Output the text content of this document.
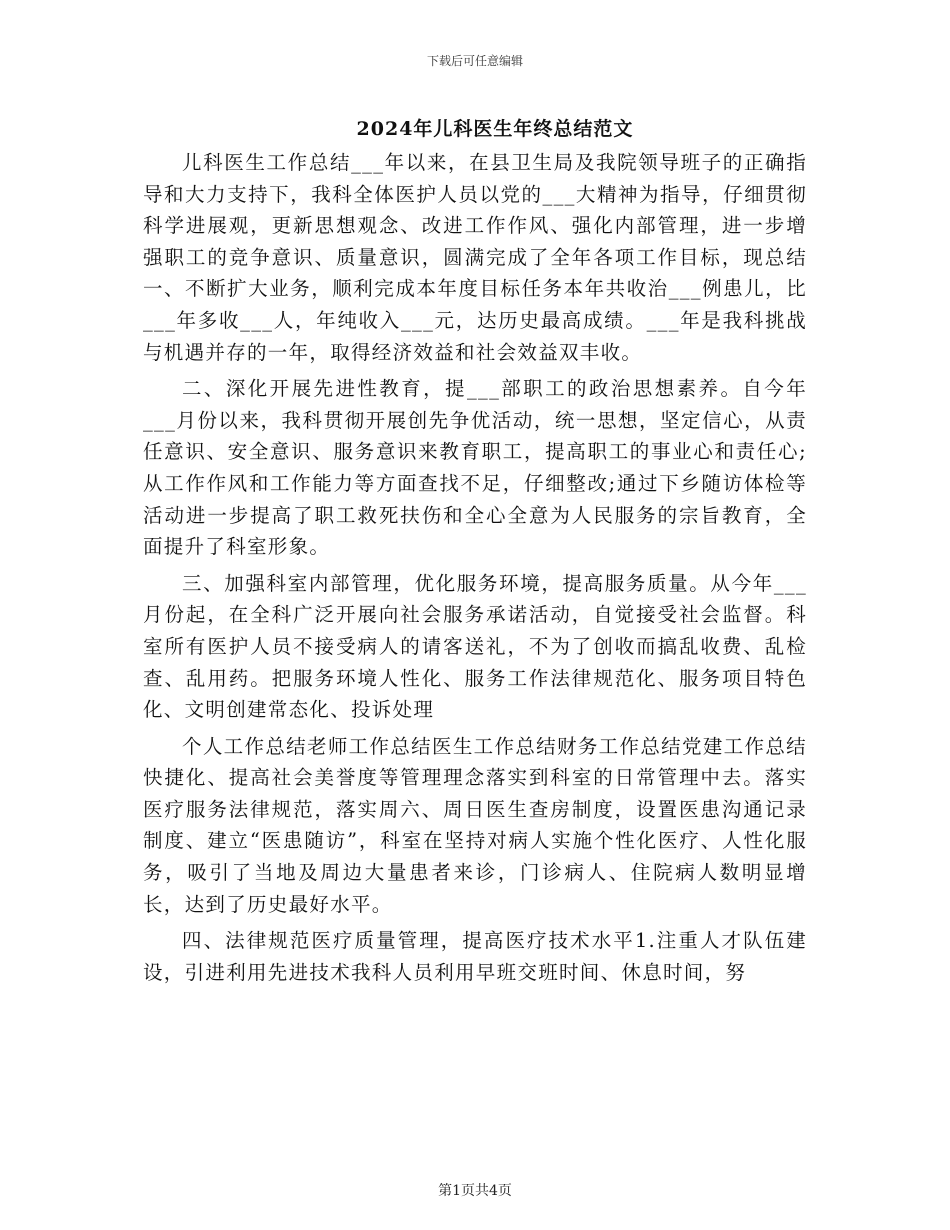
下载后可任意编辑
2024年儿科医生年终总结范文

儿科医生工作总结___年以来，在县卫生局及我院领导班子的正确指导和大力支持下，我科全体医护人员以党的___大精神为指导，仔细贯彻科学进展观，更新思想观念、改进工作作风、强化内部管理，进一步增强职工的竞争意识、质量意识，圆满完成了全年各项工作目标，现总结一、不断扩大业务，顺利完成本年度目标任务本年共收治___例患儿，比___年多收___人，年纯收入___元，达历史最高成绩。___年是我科挑战与机遇并存的一年，取得经济效益和社会效益双丰收。

二、深化开展先进性教育，提___部职工的政治思想素养。自今年___月份以来，我科贯彻开展创先争优活动，统一思想，坚定信心，从责任意识、安全意识、服务意识来教育职工，提高职工的事业心和责任心;从工作作风和工作能力等方面查找不足，仔细整改;通过下乡随访体检等活动进一步提高了职工救死扶伤和全心全意为人民服务的宗旨教育，全面提升了科室形象。

三、加强科室内部管理，优化服务环境，提高服务质量。从今年___月份起，在全科广泛开展向社会服务承诺活动，自觉接受社会监督。科室所有医护人员不接受病人的请客送礼，不为了创收而搞乱收费、乱检查、乱用药。把服务环境人性化、服务工作法律规范化、服务项目特色化、文明创建常态化、投诉处理

个人工作总结老师工作总结医生工作总结财务工作总结党建工作总结快捷化、提高社会美誉度等管理理念落实到科室的日常管理中去。落实医疗服务法律规范，落实周六、周日医生查房制度，设置医患沟通记录制度、建立“医患随访”，科室在坚持对病人实施个性化医疗、人性化服务，吸引了当地及周边大量患者来诊，门诊病人、住院病人数明显增长，达到了历史最好水平。

四、法律规范医疗质量管理，提高医疗技术水平1.注重人才队伍建设，引进利用先进技术我科人员利用早班交班时间、休息时间，努

第1页共4页
